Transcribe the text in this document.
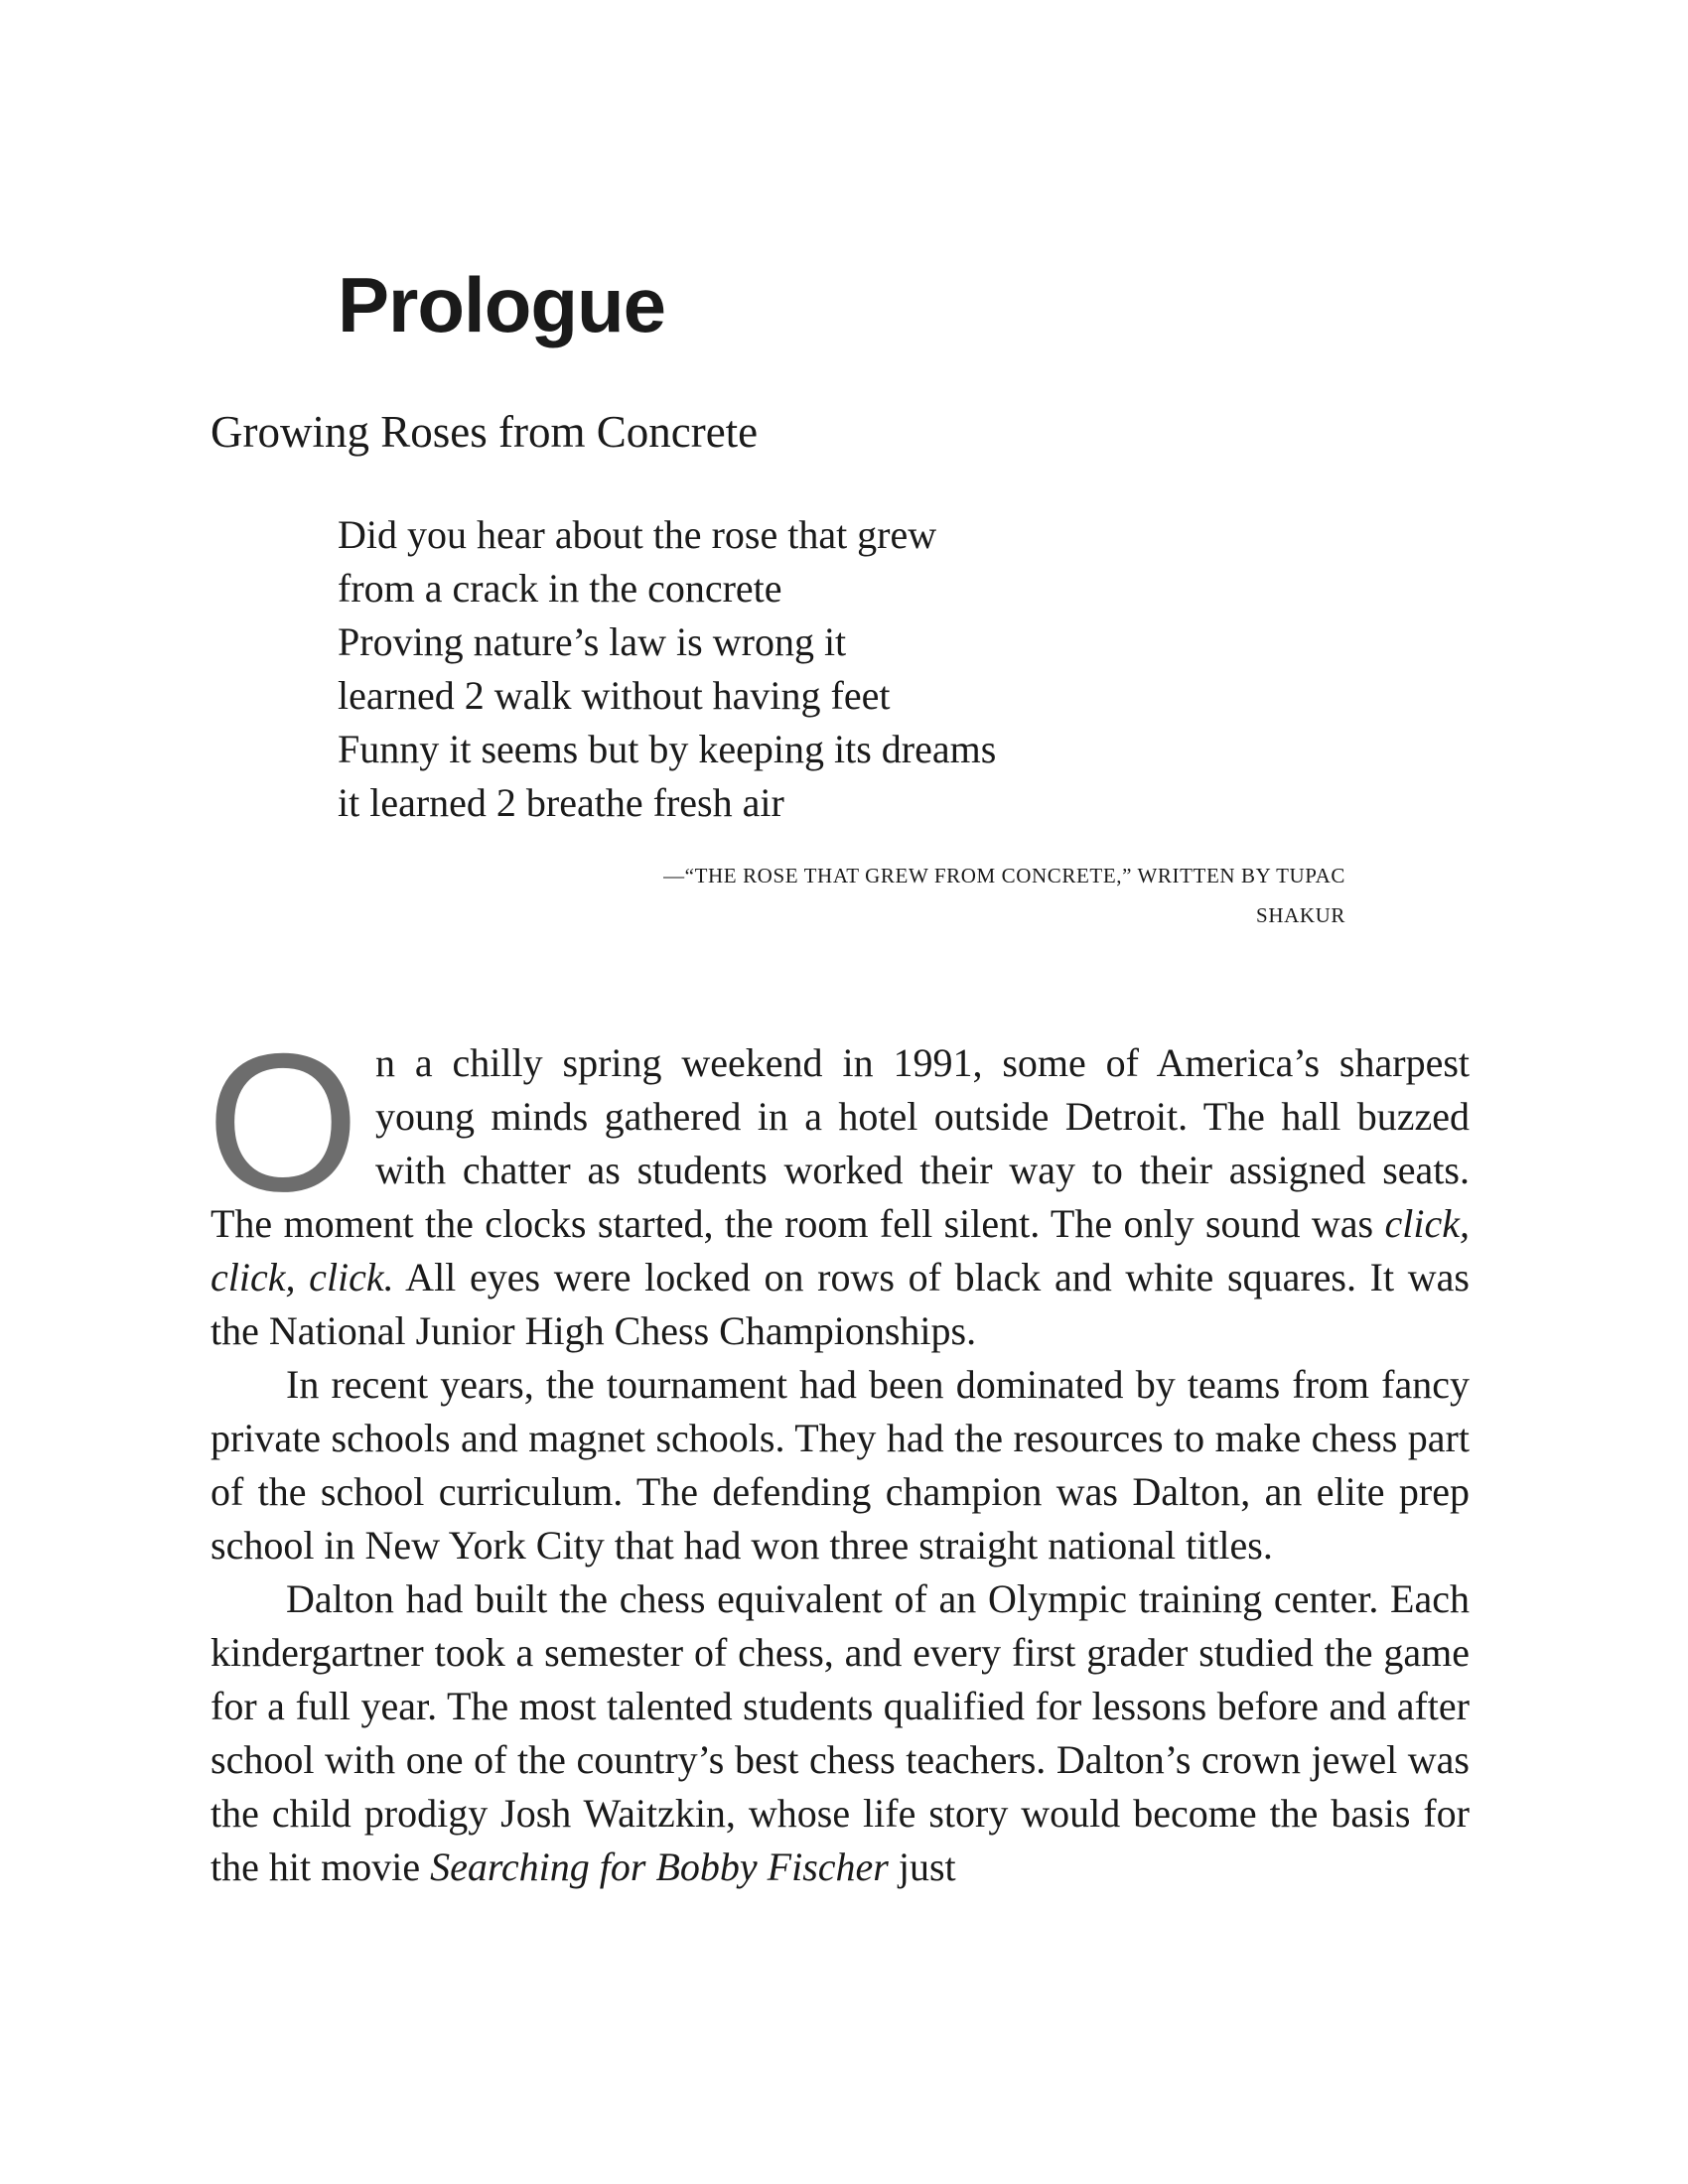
Prologue
Growing Roses from Concrete
Did you hear about the rose that grew
from a crack in the concrete
Proving nature’s law is wrong it
learned 2 walk without having feet
Funny it seems but by keeping its dreams
it learned 2 breathe fresh air
—“THE ROSE THAT GREW FROM CONCRETE,” WRITTEN BY TUPAC
SHAKUR

On a chilly spring weekend in 1991, some of America’s sharpest young minds gathered in a hotel outside Detroit. The hall buzzed with chatter as students worked their way to their assigned seats. The moment the clocks started, the room fell silent. The only sound was click, click, click. All eyes were locked on rows of black and white squares. It was the National Junior High Chess Championships.

In recent years, the tournament had been dominated by teams from fancy private schools and magnet schools. They had the resources to make chess part of the school curriculum. The defending champion was Dalton, an elite prep school in New York City that had won three straight national titles.

Dalton had built the chess equivalent of an Olympic training center. Each kindergartner took a semester of chess, and every first grader studied the game for a full year. The most talented students qualified for lessons before and after school with one of the country’s best chess teachers. Dalton’s crown jewel was the child prodigy Josh Waitzkin, whose life story would become the basis for the hit movie Searching for Bobby Fischer just
